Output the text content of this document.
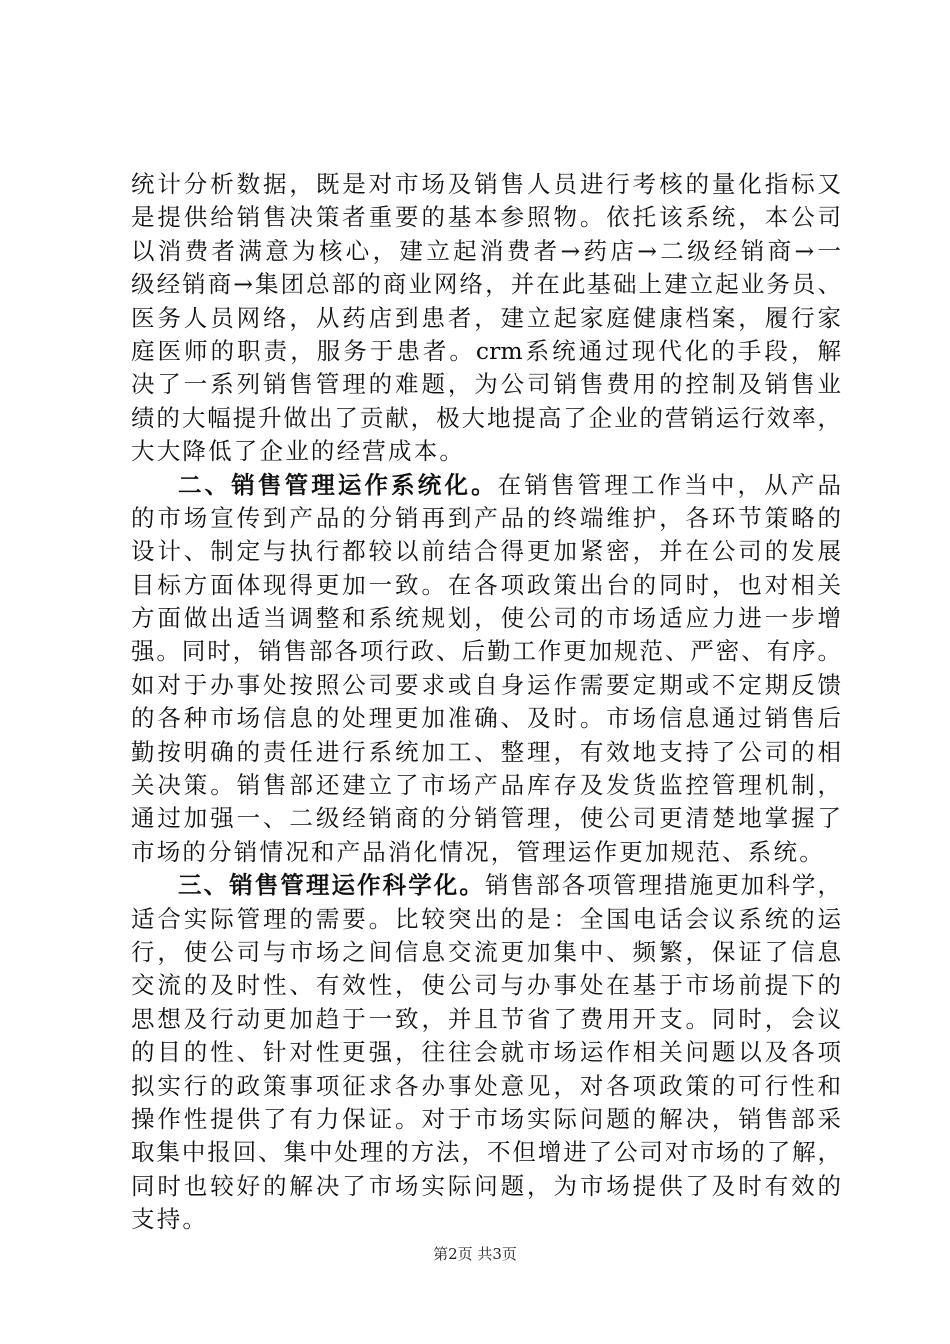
统计分析数据，既是对市场及销售人员进行考核的量化指标又
是提供给销售决策者重要的基本参照物。依托该系统，本公司
以消费者满意为核心，建立起消费者→药店→二级经销商→一
级经销商→集团总部的商业网络，并在此基础上建立起业务员、
医务人员网络，从药店到患者，建立起家庭健康档案，履行家
庭医师的职责，服务于患者。crm系统通过现代化的手段，解
决了一系列销售管理的难题，为公司销售费用的控制及销售业
绩的大幅提升做出了贡献，极大地提高了企业的营销运行效率，
大大降低了企业的经营成本。
二、销售管理运作系统化。在销售管理工作当中，从产品
的市场宣传到产品的分销再到产品的终端维护，各环节策略的
设计、制定与执行都较以前结合得更加紧密，并在公司的发展
目标方面体现得更加一致。在各项政策出台的同时，也对相关
方面做出适当调整和系统规划，使公司的市场适应力进一步增
强。同时，销售部各项行政、后勤工作更加规范、严密、有序。
如对于办事处按照公司要求或自身运作需要定期或不定期反馈
的各种市场信息的处理更加准确、及时。市场信息通过销售后
勤按明确的责任进行系统加工、整理，有效地支持了公司的相
关决策。销售部还建立了市场产品库存及发货监控管理机制，
通过加强一、二级经销商的分销管理，使公司更清楚地掌握了
市场的分销情况和产品消化情况，管理运作更加规范、系统。
三、销售管理运作科学化。销售部各项管理措施更加科学，
适合实际管理的需要。比较突出的是：全国电话会议系统的运
行，使公司与市场之间信息交流更加集中、频繁，保证了信息
交流的及时性、有效性，使公司与办事处在基于市场前提下的
思想及行动更加趋于一致，并且节省了费用开支。同时，会议
的目的性、针对性更强，往往会就市场运作相关问题以及各项
拟实行的政策事项征求各办事处意见，对各项政策的可行性和
操作性提供了有力保证。对于市场实际问题的解决，销售部采
取集中报回、集中处理的方法，不但增进了公司对市场的了解，
同时也较好的解决了市场实际问题，为市场提供了及时有效的
支持。
第2页 共3页
